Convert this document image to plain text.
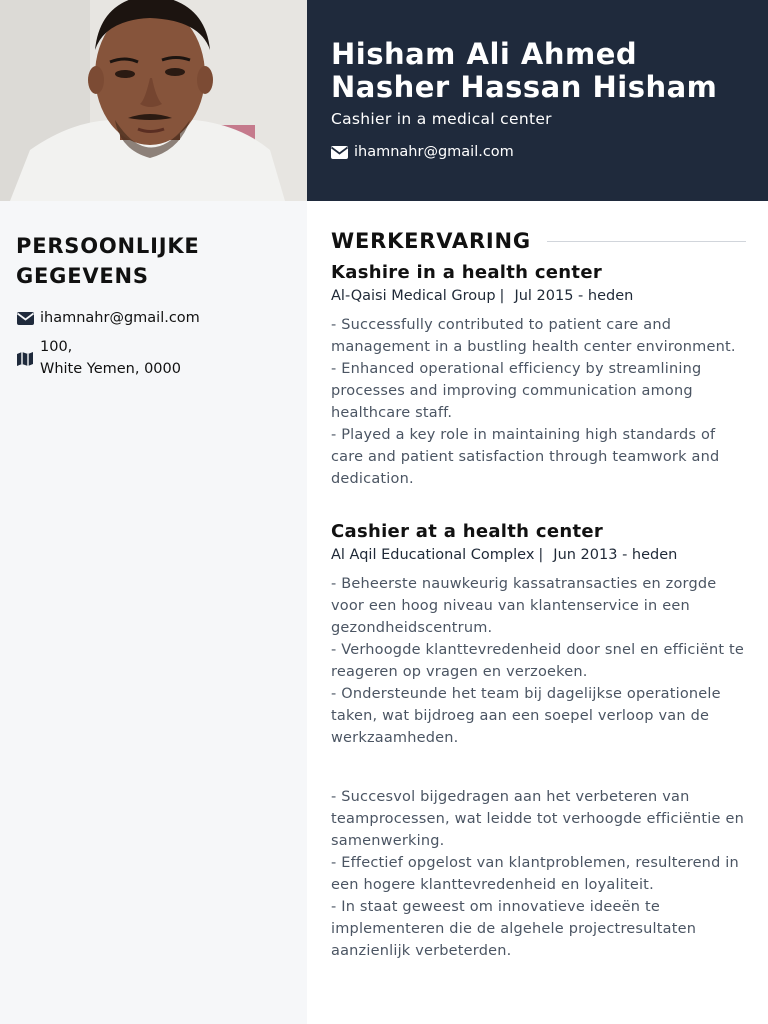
Hisham Ali Ahmed
Nasher Hassan Hisham
Cashier in a medical center
ihamnahr@gmail.com
PERSOONLIJKE
GEGEVENS
ihamnahr@gmail.com
100,
White Yemen, 0000
WERKERVARING
Kashire in a health center
Al-Qaisi Medical Group | Jul 2015 - heden

- Successfully contributed to patient care and management in a bustling health center environment.

- Enhanced operational efficiency by streamlining processes and improving communication among healthcare staff.

- Played a key role in maintaining high standards of care and patient satisfaction through teamwork and dedication.

Cashier at a health center
Al Aqil Educational Complex | Jun 2013 - heden

- Beheerste nauwkeurig kassatransacties en zorgde voor een hoog niveau van klantenservice in een gezondheidscentrum.

- Verhoogde klanttevredenheid door snel en efficiënt te reageren op vragen en verzoeken.

- Ondersteunde het team bij dagelijkse operationele taken, wat bijdroeg aan een soepel verloop van de werkzaamheden.

- Succesvol bijgedragen aan het verbeteren van teamprocessen, wat leidde tot verhoogde efficiëntie en samenwerking.

- Effectief opgelost van klantproblemen, resulterend in een hogere klanttevredenheid en loyaliteit.

- In staat geweest om innovatieve ideeën te implementeren die de algehele projectresultaten aanzienlijk verbeterden.
